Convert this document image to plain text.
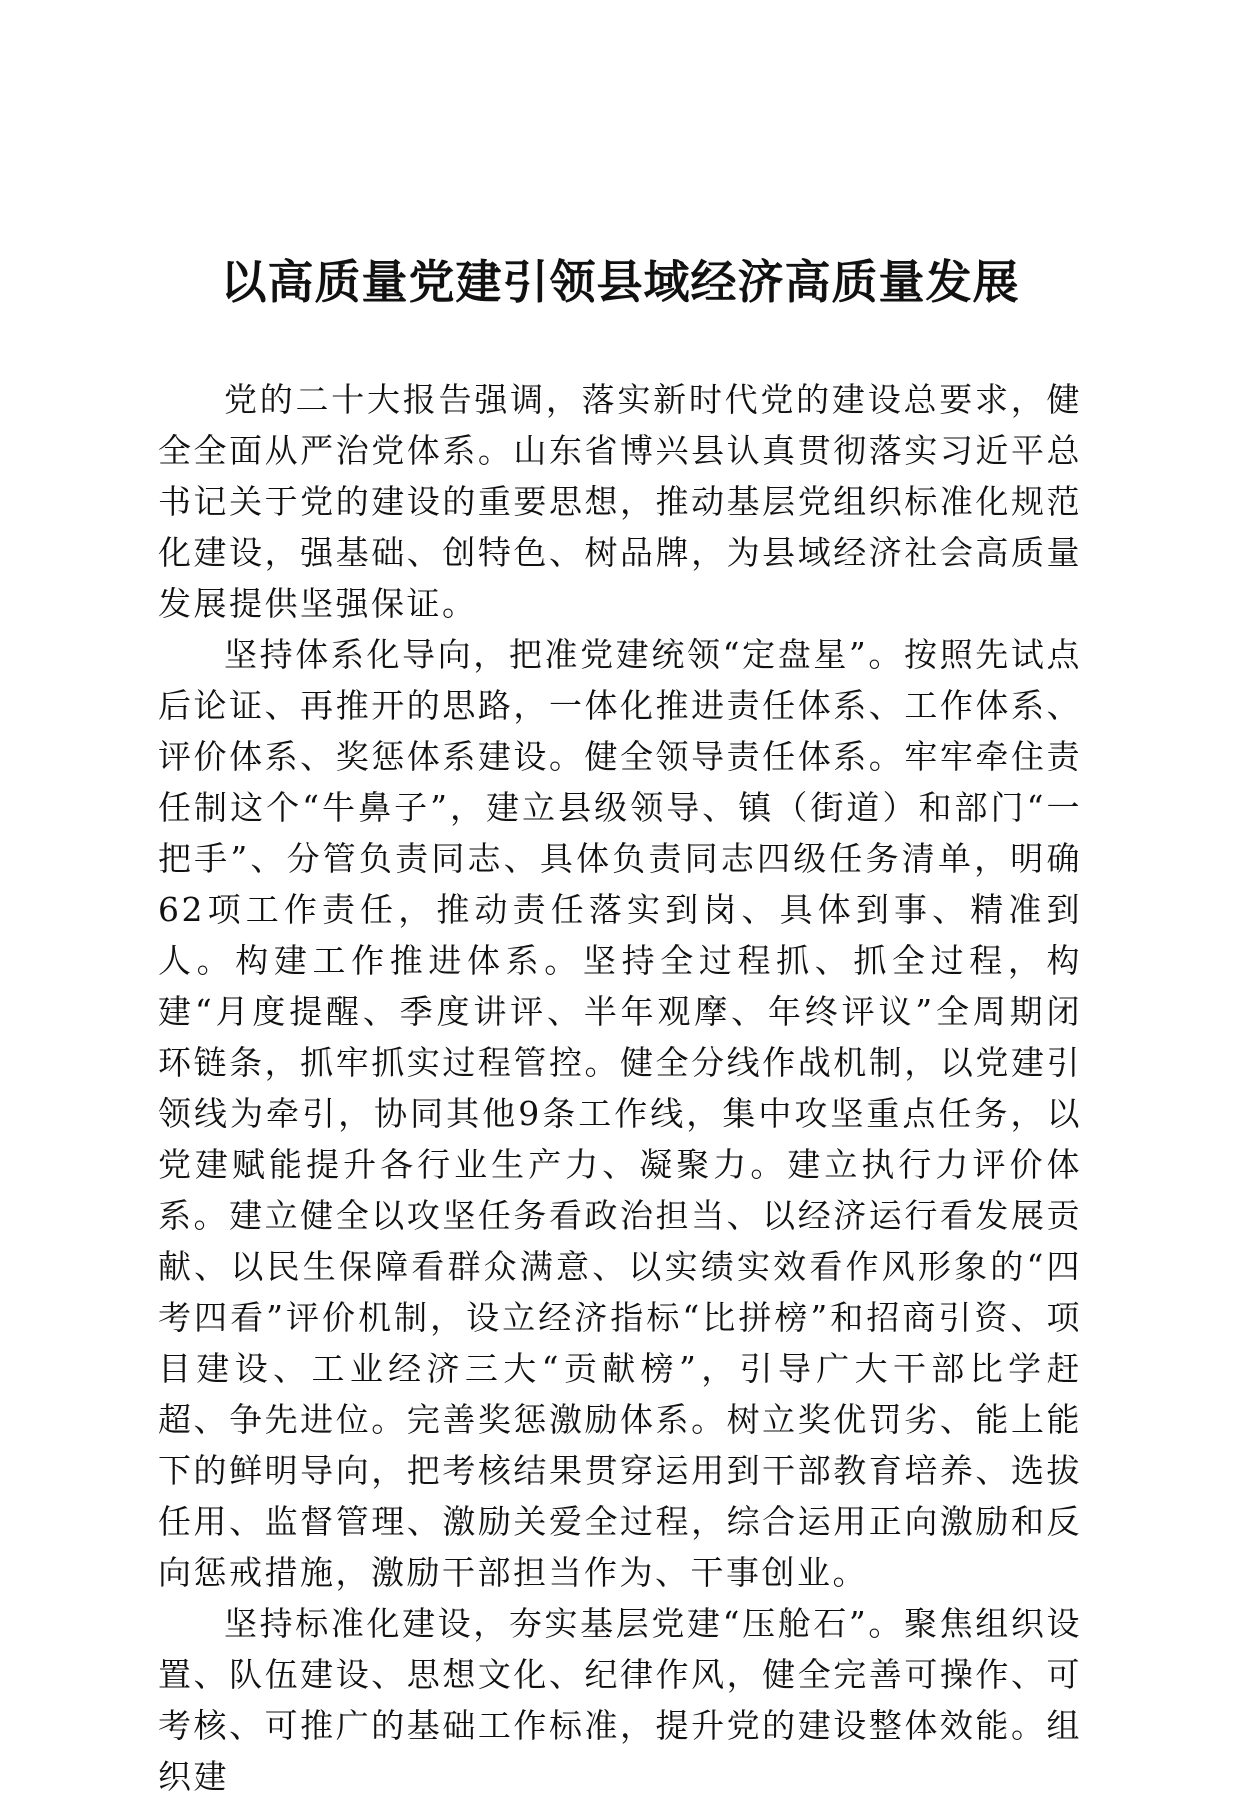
以高质量党建引领县域经济高质量发展

党的二十大报告强调，落实新时代党的建设总要求，健全全面从严治党体系。山东省博兴县认真贯彻落实习近平总书记关于党的建设的重要思想，推动基层党组织标准化规范化建设，强基础、创特色、树品牌，为县域经济社会高质量发展提供坚强保证。

坚持体系化导向，把准党建统领“定盘星”。按照先试点后论证、再推开的思路，一体化推进责任体系、工作体系、评价体系、奖惩体系建设。健全领导责任体系。牢牢牵住责任制这个“牛鼻子”，建立县级领导、镇（街道）和部门“一把手”、分管负责同志、具体负责同志四级任务清单，明确62项工作责任，推动责任落实到岗、具体到事、精准到人。构建工作推进体系。坚持全过程抓、抓全过程，构建“月度提醒、季度讲评、半年观摩、年终评议”全周期闭环链条，抓牢抓实过程管控。健全分线作战机制，以党建引领线为牵引，协同其他9条工作线，集中攻坚重点任务，以党建赋能提升各行业生产力、凝聚力。建立执行力评价体系。建立健全以攻坚任务看政治担当、以经济运行看发展贡献、以民生保障看群众满意、以实绩实效看作风形象的“四考四看”评价机制，设立经济指标“比拼榜”和招商引资、项目建设、工业经济三大“贡献榜”，引导广大干部比学赶超、争先进位。完善奖惩激励体系。树立奖优罚劣、能上能下的鲜明导向，把考核结果贯穿运用到干部教育培养、选拔任用、监督管理、激励关爱全过程，综合运用正向激励和反向惩戒措施，激励干部担当作为、干事创业。

坚持标准化建设，夯实基层党建“压舱石”。聚焦组织设置、队伍建设、思想文化、纪律作风，健全完善可操作、可考核、可推广的基础工作标准，提升党的建设整体效能。组织建
